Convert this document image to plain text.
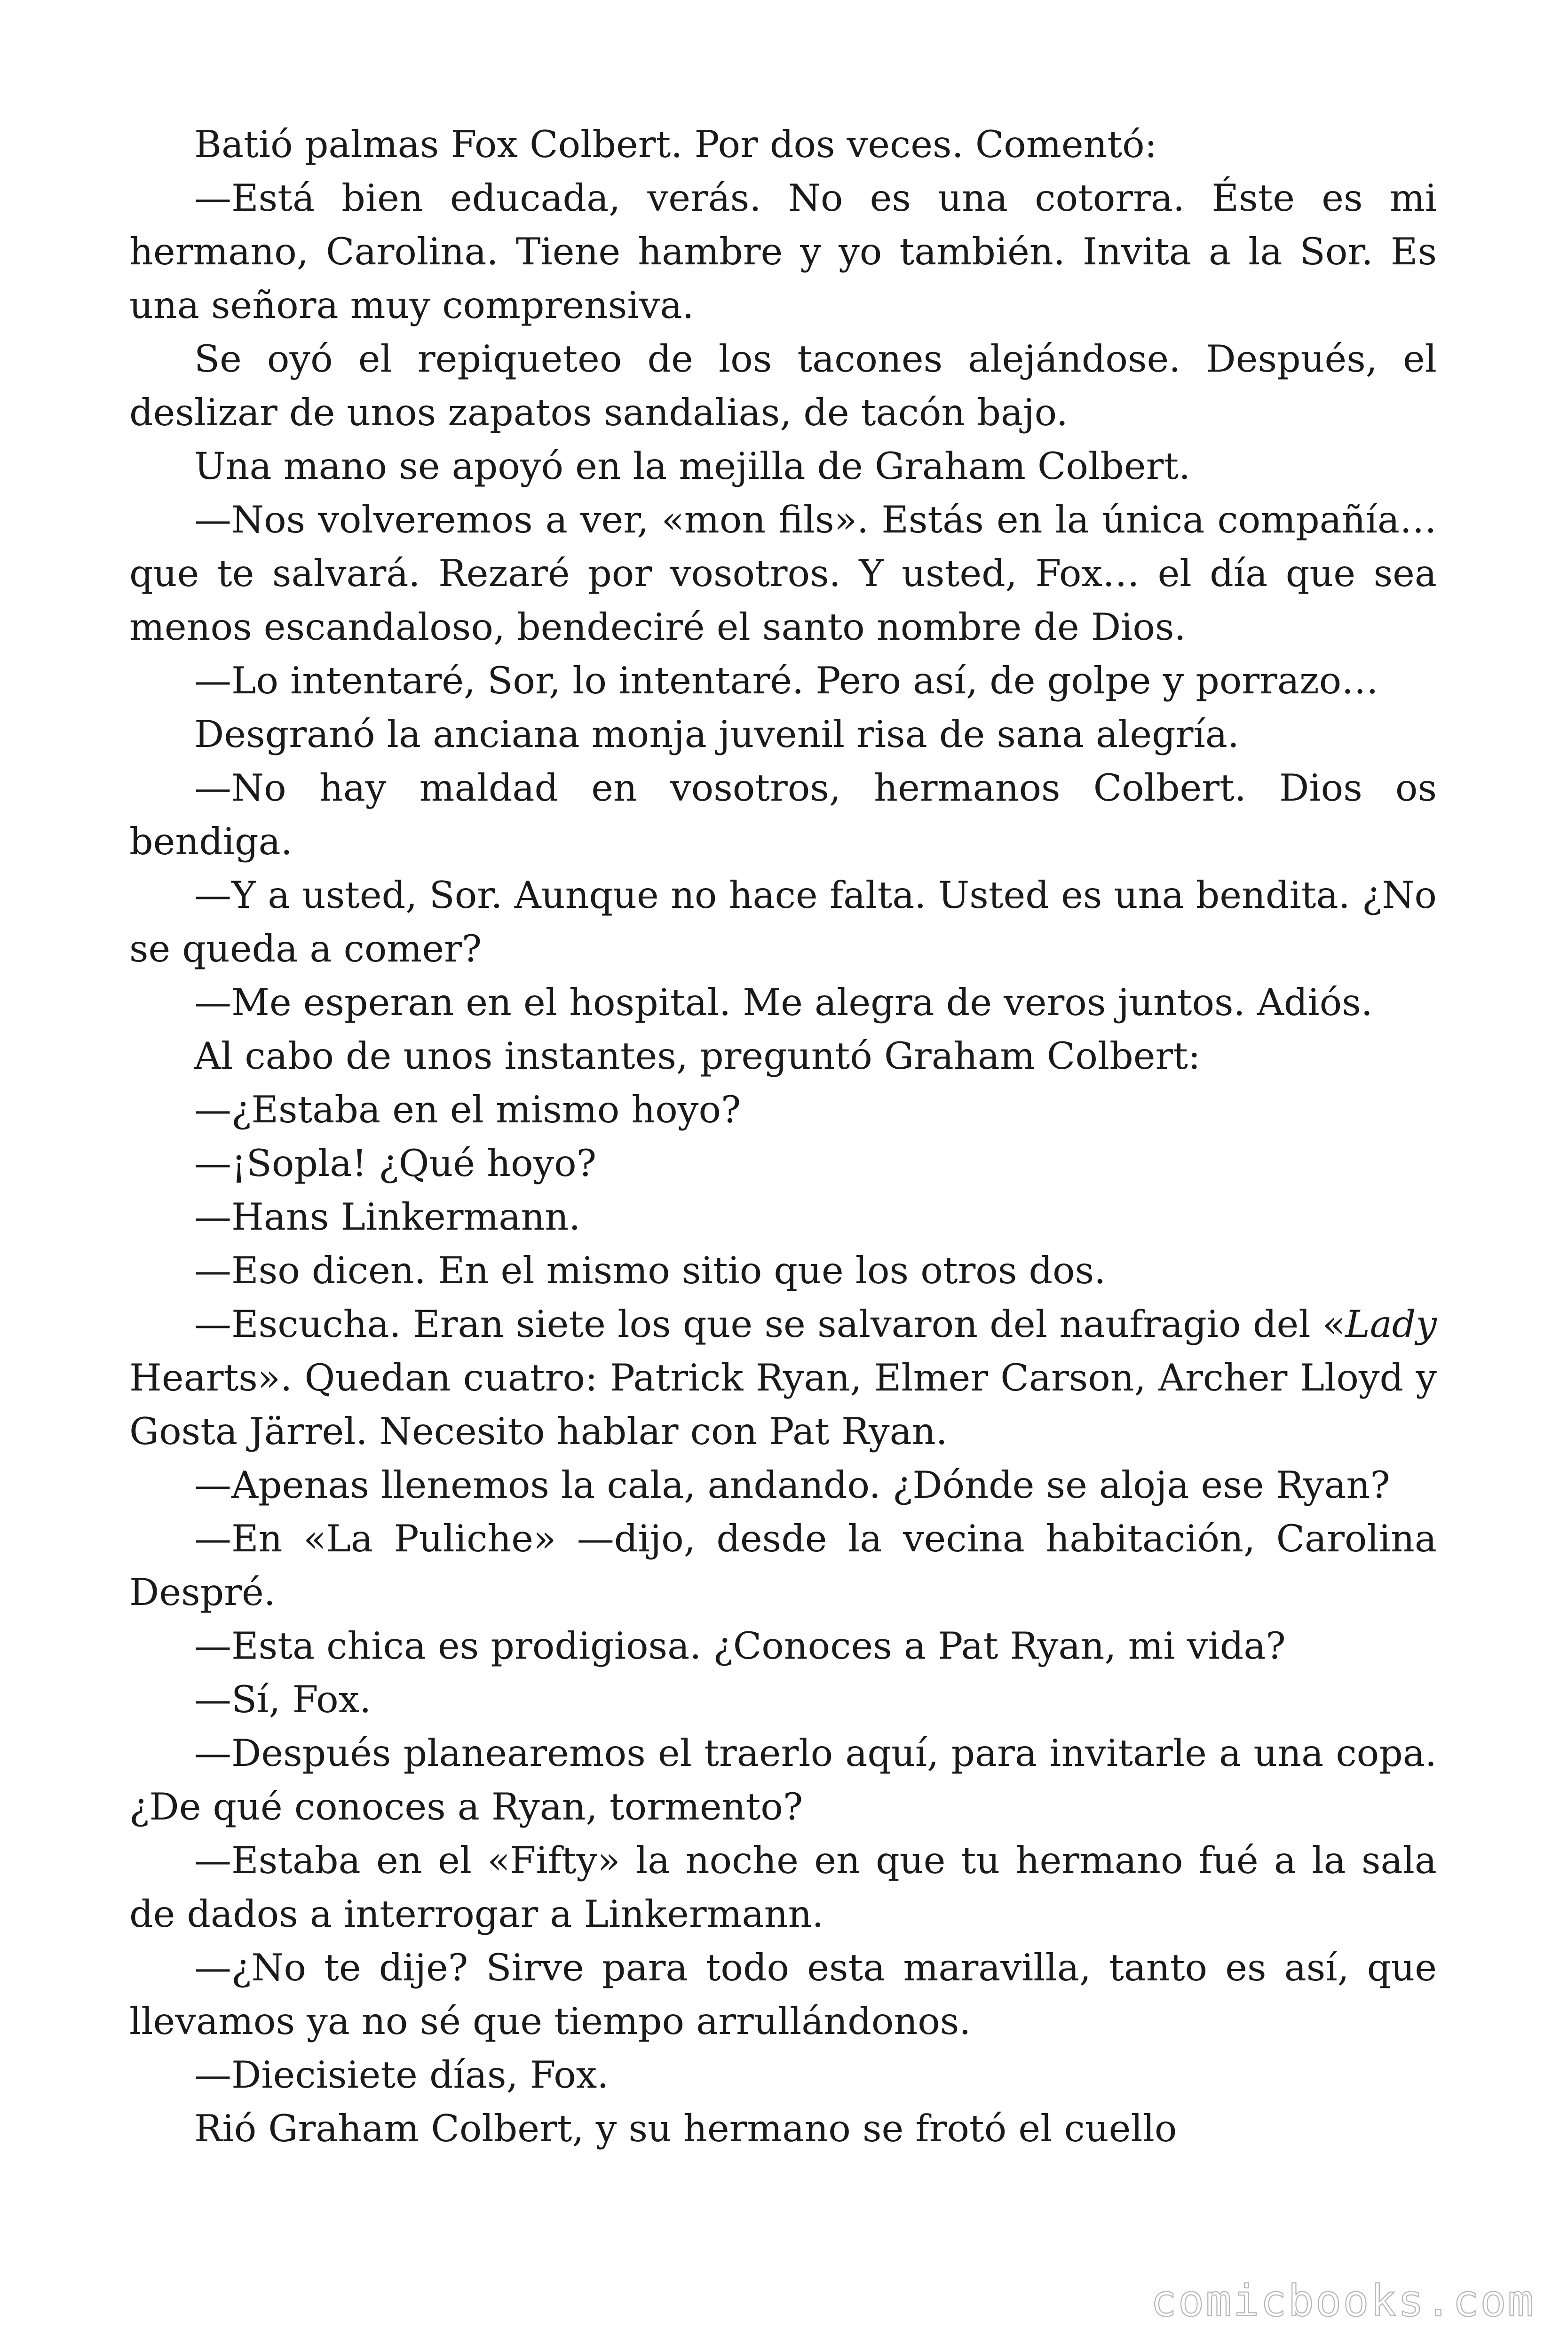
Batió palmas Fox Colbert. Por dos veces. Comentó:

—Está bien educada, verás. No es una cotorra. Éste es mi hermano, Carolina. Tiene hambre y yo también. Invita a la Sor. Es una señora muy comprensiva.

Se oyó el repiqueteo de los tacones alejándose. Después, el deslizar de unos zapatos sandalias, de tacón bajo.

Una mano se apoyó en la mejilla de Graham Colbert.

—Nos volveremos a ver, «mon fils». Estás en la única compañía… que te salvará. Rezaré por vosotros. Y usted, Fox… el día que sea menos escandaloso, bendeciré el santo nombre de Dios.

—Lo intentaré, Sor, lo intentaré. Pero así, de golpe y porrazo…

Desgranó la anciana monja juvenil risa de sana alegría.

—No hay maldad en vosotros, hermanos Colbert. Dios os bendiga.

—Y a usted, Sor. Aunque no hace falta. Usted es una bendita. ¿No se queda a comer?

—Me esperan en el hospital. Me alegra de veros juntos. Adiós.

Al cabo de unos instantes, preguntó Graham Colbert:

—¿Estaba en el mismo hoyo?

—¡Sopla! ¿Qué hoyo?

—Hans Linkermann.

—Eso dicen. En el mismo sitio que los otros dos.

—Escucha. Eran siete los que se salvaron del naufragio del «Lady Hearts». Quedan cuatro: Patrick Ryan, Elmer Carson, Archer Lloyd y Gosta Järrel. Necesito hablar con Pat Ryan.

—Apenas llenemos la cala, andando. ¿Dónde se aloja ese Ryan?

—En «La Puliche» —dijo, desde la vecina habitación, Carolina Despré.

—Esta chica es prodigiosa. ¿Conoces a Pat Ryan, mi vida?

—Sí, Fox.

—Después planearemos el traerlo aquí, para invitarle a una copa. ¿De qué conoces a Ryan, tormento?

—Estaba en el «Fifty» la noche en que tu hermano fué a la sala de dados a interrogar a Linkermann.

—¿No te dije? Sirve para todo esta maravilla, tanto es así, que llevamos ya no sé que tiempo arrullándonos.

—Diecisiete días, Fox.

Rió Graham Colbert, y su hermano se frotó el cuello

comicbooks.com
